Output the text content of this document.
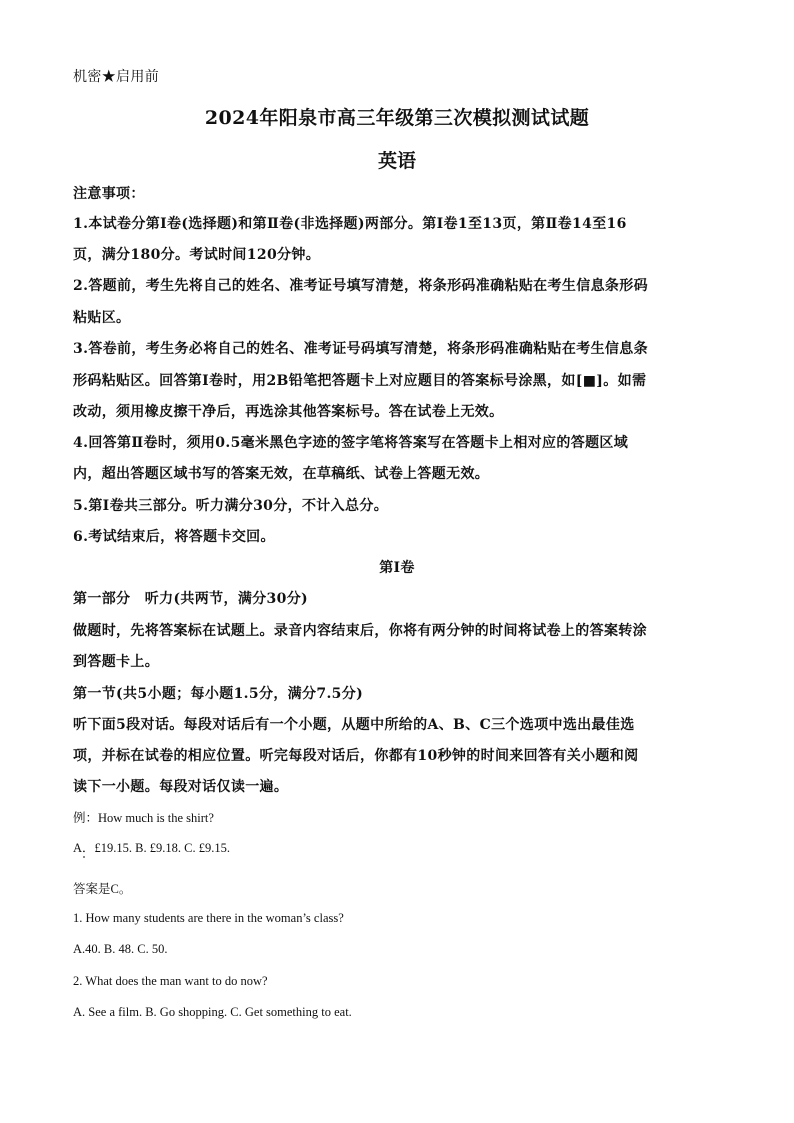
机密★启用前
2024年阳泉市高三年级第三次模拟测试试题
英语
注意事项：
1.本试卷分第Ⅰ卷(选择题)和第Ⅱ卷(非选择题)两部分。第Ⅰ卷1至13页，第Ⅱ卷14至16
页，满分180分。考试时间120分钟。
2.答题前，考生先将自己的姓名、准考证号填写清楚，将条形码准确粘贴在考生信息条形码
粘贴区。
3.答卷前，考生务必将自己的姓名、准考证号码填写清楚，将条形码准确粘贴在考生信息条
形码粘贴区。回答第Ⅰ卷时，用2B铅笔把答题卡上对应题目的答案标号涂黑，如[■]。如需
改动，须用橡皮擦干净后，再选涂其他答案标号。答在试卷上无效。
4.回答第Ⅱ卷时，须用0.5毫米黑色字迹的签字笔将答案写在答题卡上相对应的答题区域
内，超出答题区域书写的答案无效，在草稿纸、试卷上答题无效。
5.第Ⅰ卷共三部分。听力满分30分，不计入总分。
6.考试结束后，将答题卡交回。
第Ⅰ卷
第一部分　听力(共两节，满分30分)
做题时，先将答案标在试题上。录音内容结束后，你将有两分钟的时间将试卷上的答案转涂
到答题卡上。
第一节(共5小题；每小题1.5分，满分7.5分)
听下面5段对话。每段对话后有一个小题，从题中所给的A、B、C三个选项中选出最佳选
项，并标在试卷的相应位置。听完每段对话后，你都有10秒钟的时间来回答有关小题和阅
读下一小题。每段对话仅读一遍。
例：How much is the shirt?
A．£19.15. B. £9.18. C. £9.15.
答案是C。
1. How many students are there in the woman’s class?
A.40. B. 48. C. 50.
2. What does the man want to do now?
A. See a film. B. Go shopping. C. Get something to eat.
